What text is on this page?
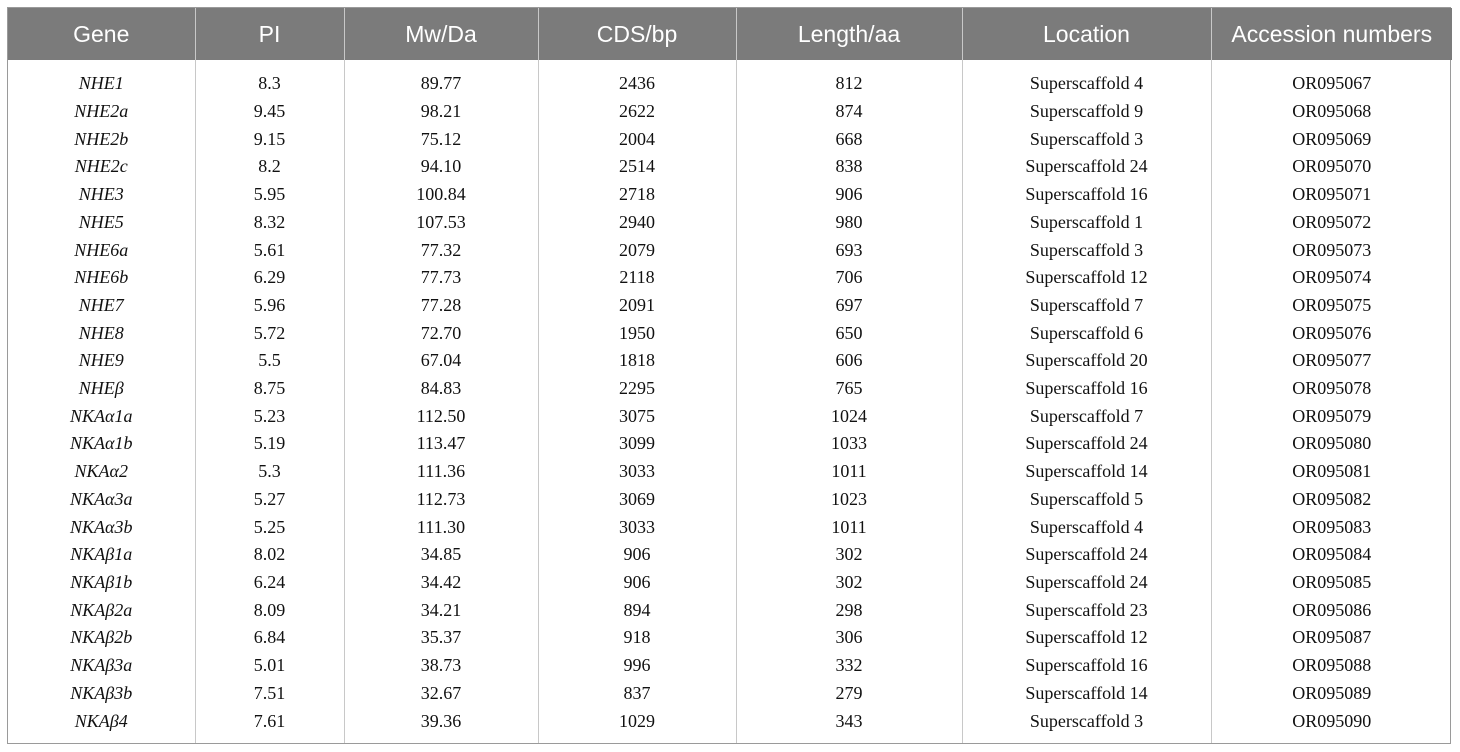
Gene	PI	Mw/Da	CDS/bp	Length/aa	Location	Accession numbers
NHE1	8.3	89.77	2436	812	Superscaffold 4	OR095067
NHE2a	9.45	98.21	2622	874	Superscaffold 9	OR095068
NHE2b	9.15	75.12	2004	668	Superscaffold 3	OR095069
NHE2c	8.2	94.10	2514	838	Superscaffold 24	OR095070
NHE3	5.95	100.84	2718	906	Superscaffold 16	OR095071
NHE5	8.32	107.53	2940	980	Superscaffold 1	OR095072
NHE6a	5.61	77.32	2079	693	Superscaffold 3	OR095073
NHE6b	6.29	77.73	2118	706	Superscaffold 12	OR095074
NHE7	5.96	77.28	2091	697	Superscaffold 7	OR095075
NHE8	5.72	72.70	1950	650	Superscaffold 6	OR095076
NHE9	5.5	67.04	1818	606	Superscaffold 20	OR095077
NHEβ	8.75	84.83	2295	765	Superscaffold 16	OR095078
NKAα1a	5.23	112.50	3075	1024	Superscaffold 7	OR095079
NKAα1b	5.19	113.47	3099	1033	Superscaffold 24	OR095080
NKAα2	5.3	111.36	3033	1011	Superscaffold 14	OR095081
NKAα3a	5.27	112.73	3069	1023	Superscaffold 5	OR095082
NKAα3b	5.25	111.30	3033	1011	Superscaffold 4	OR095083
NKAβ1a	8.02	34.85	906	302	Superscaffold 24	OR095084
NKAβ1b	6.24	34.42	906	302	Superscaffold 24	OR095085
NKAβ2a	8.09	34.21	894	298	Superscaffold 23	OR095086
NKAβ2b	6.84	35.37	918	306	Superscaffold 12	OR095087
NKAβ3a	5.01	38.73	996	332	Superscaffold 16	OR095088
NKAβ3b	7.51	32.67	837	279	Superscaffold 14	OR095089
NKAβ4	7.61	39.36	1029	343	Superscaffold 3	OR095090
